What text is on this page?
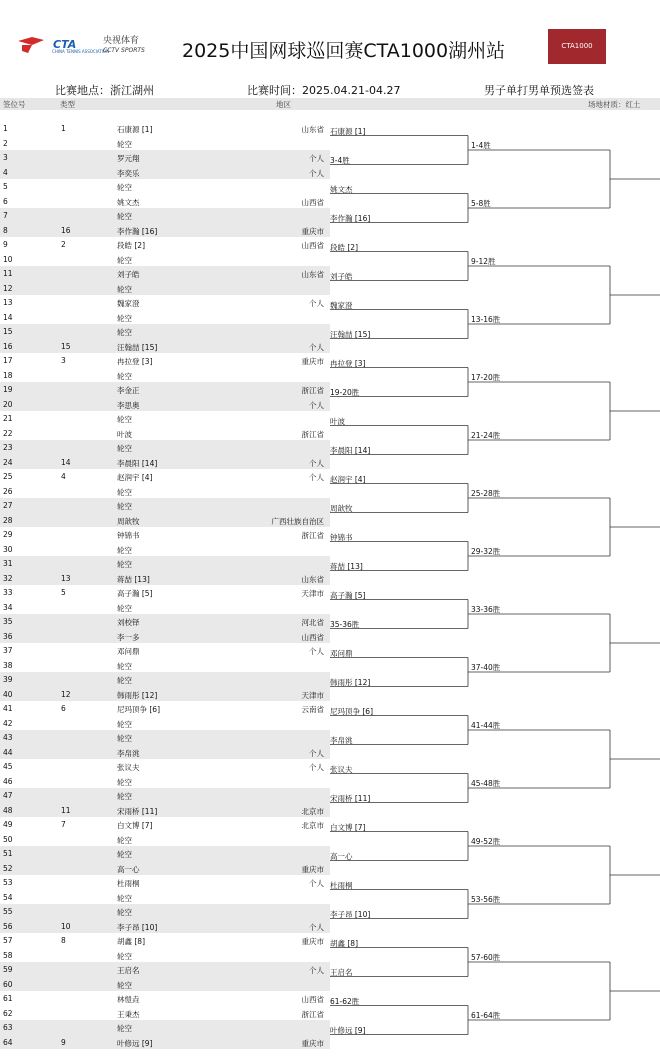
CTA
CHINA TENNIS ASSOCIATION
央视体育
CCTV SPORTS 2025中国网球巡回赛CTA1000湖州站	CTA1000
比赛地点：浙江湖州	比赛时间：2025.04.21-04.27	男子单打男单预选签表
签位号	类型	地区	场地材质：红土
1	1	石康源 [1]	山东省
2	轮空
3	罗元翔	个人
4	李奕乐	个人
5	轮空
6	姚文杰	山西省
7	轮空
8	16	李作瀚 [16]	重庆市
9	2	段皓 [2]	山西省
10	轮空
11	刘子皓	山东省
12	轮空
13	魏家澄	个人
14	轮空
15	轮空
16	15	汪翰喆 [15]	个人
17	3	冉拉登 [3]	重庆市
18	轮空
19	李金正	浙江省
20	李思奥	个人
21	轮空
22	叶波	浙江省
23	轮空
24	14	李晨阳 [14]	个人
25	4	赵润宇 [4]	个人
26	轮空
27	轮空
28	周歆牧	广西壮族自治区
29	钟锦书	浙江省
30	轮空
31	轮空
32	13	蒋喆 [13]	山东省
33	5	高子瀚 [5]	天津市
34	轮空
35	刘校铎	河北省
36	李一多	山西省
37	邓问鼎	个人
38	轮空
39	轮空
40	12	韩雨彤 [12]	天津市
41	6	尼玛顶争 [6]	云南省
42	轮空
43	轮空
44	李帛洮	个人
45	张议夫	个人
46	轮空
47	轮空
48	11	宋雨桥 [11]	北京市
49	7	白文博 [7]	北京市
50	轮空
51	轮空
52	高一心	重庆市
53	杜雨桐	个人
54	轮空
55	轮空
56	10	李子昂 [10]	个人
57	8	胡鑫 [8]	重庆市
58	轮空
59	王启名	个人
60	轮空
61	林愷垚	山西省
62	王秉杰	浙江省
63	轮空
64	9	叶修远 [9]	重庆市
石康源 [1]
3-4胜
姚文杰
李作瀚 [16]
段皓 [2]
刘子皓
魏家澄
汪翰喆 [15]
冉拉登 [3]
19-20胜
叶波
李晨阳 [14]
赵润宇 [4]
周歆牧
钟锦书
蒋喆 [13]
高子瀚 [5]
35-36胜
邓问鼎
韩雨彤 [12]
尼玛顶争 [6]
李帛洮
张议夫
宋雨桥 [11]
白文博 [7]
高一心
杜雨桐
李子昂 [10]
胡鑫 [8]
王启名
61-62胜
叶修远 [9]
1-4胜
5-8胜
9-12胜
13-16胜
17-20胜
21-24胜
25-28胜
29-32胜
33-36胜
37-40胜
41-44胜
45-48胜
49-52胜
53-56胜
57-60胜
61-64胜
